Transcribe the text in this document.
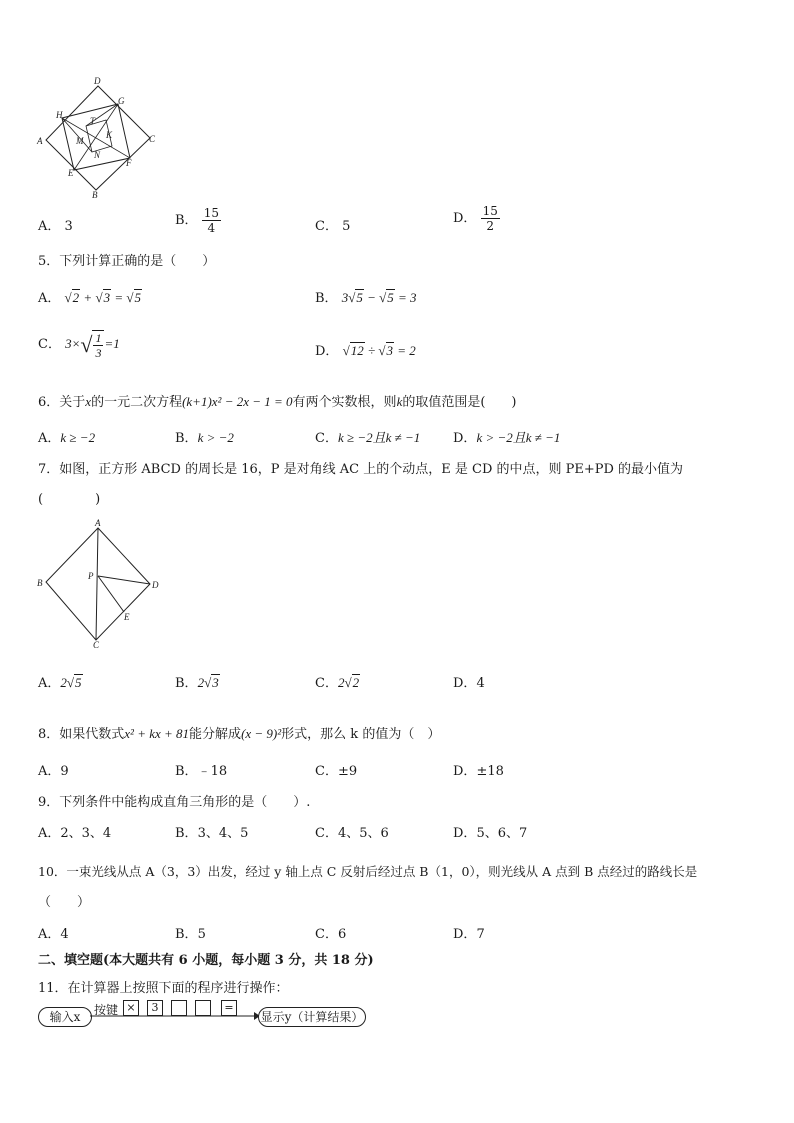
D
H
G
T
K
A	M	C
N
E
F
B
A． 3	B． $\frac{15}{4}$	C． 5
D． $\frac{15}{2}$
5．下列计算正确的是（　　）
A． √2 + √3 = √5	B． 3√5 − √5 = 3
C． $3\times√ \frac{1}{3} =1$
D． √12 ÷ √3 = 2
6．关于x的一元二次方程(k+1)x² − 2x − 1 = 0有两个实数根，则k的取值范围是(　　)
A．k ≥ −2	B．k > −2	C．k ≥ −2且k ≠ −1	D．k > −2且k ≠ −1
7．如图，正方形 ABCD 的周长是 16，P 是对角线 AC 上的个动点，E 是 CD 的中点，则 PE+PD 的最小值为
(　　　　)
A
B
P
D
E
C
A．2√5	B．2√3	C．2√2	D．4
8．如果代数式x² + kx + 81能分解成(x − 9)²形式，那么 k 的值为（　）
A．9	B．﹣18	C．±9	D．±18
9．下列条件中能构成直角三角形的是（　　）.
A．2、3、4	B．3、4、5	C．4、5、6	D．5、6、7
10．一束光线从点 A（3，3）出发，经过 y 轴上点 C 反射后经过点 B（1，0），则光线从 A 点到 B 点经过的路线长是
（　　）
A．4	B．5	C．6	D．7
二、填空题(本大题共有 6 小题，每小题 3 分，共 18 分)
11．在计算器上按照下面的程序进行操作：
输入x	按键 ×	3	=
显示y（计算结果）
